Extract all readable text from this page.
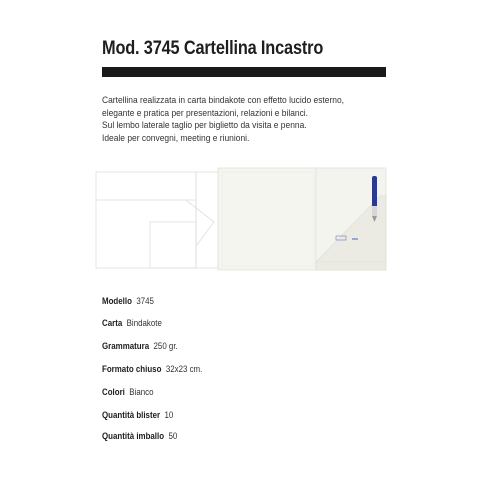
Mod. 3745 Cartellina Incastro
Cartellina realizzata in carta bindakote con effetto lucido esterno,
elegante e pratica per presentazioni, relazioni e bilanci.
Sul lembo laterale taglio per biglietto da visita e penna.
Ideale per convegni, meeting e riunioni.
Modello 3745
Carta Bindakote
Grammatura 250 gr.
Formato chiuso 32x23 cm.
Colori Bianco
Quantità blister 10
Quantità imballo 50
